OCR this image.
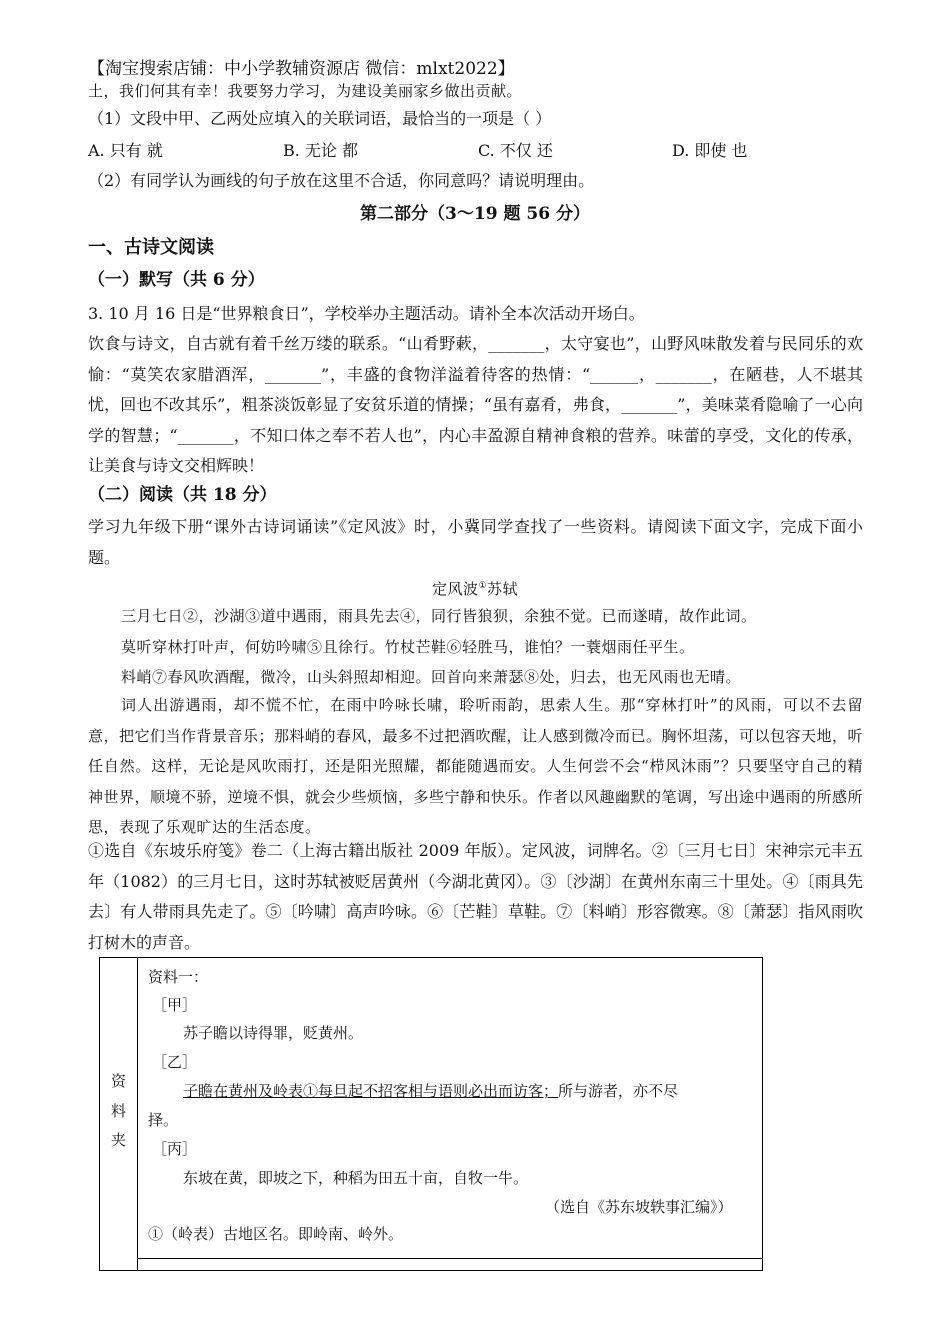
【淘宝搜索店铺：中小学教辅资源店 微信：mlxt2022】
土，我们何其有幸！我要努力学习，为建设美丽家乡做出贡献。
（1）文段中甲、乙两处应填入的关联词语，最恰当的一项是（ ）
A. 只有 就	B. 无论 都	C. 不仅 还	D. 即使 也
（2）有同学认为画线的句子放在这里不合适，你同意吗？请说明理由。
第二部分（3～19 题 56 分）
一、古诗文阅读
（一）默写（共 6 分）
3. 10 月 16 日是“世界粮食日”，学校举办主题活动。请补全本次活动开场白。
饮食与诗文，自古就有着千丝万缕的联系。“山肴野蔌，_______，太守宴也”，山野风味散发着与民同乐的欢愉：“莫笑农家腊酒浑，_______”，丰盛的食物洋溢着待客的热情：“______，_______，在陋巷，人不堪其忧，回也不改其乐”，粗茶淡饭彰显了安贫乐道的情操；“虽有嘉肴，弗食，_______”，美味菜肴隐喻了一心向学的智慧；“_______，不知口体之奉不若人也”，内心丰盈源自精神食粮的营养。味蕾的享受，文化的传承，让美食与诗文交相辉映！
（二）阅读（共 18 分）
学习九年级下册“课外古诗词诵读”《定风波》时，小冀同学查找了一些资料。请阅读下面文字，完成下面小题。
定风波①苏轼
三月七日②，沙湖③道中遇雨，雨具先去④，同行皆狼狈，余独不觉。已而遂晴，故作此词。
莫听穿林打叶声，何妨吟啸⑤且徐行。竹杖芒鞋⑥轻胜马，谁怕？一蓑烟雨任平生。
料峭⑦春风吹酒醒，微冷，山头斜照却相迎。回首向来萧瑟⑧处，归去，也无风雨也无晴。
词人出游遇雨，却不慌不忙，在雨中吟咏长啸，聆听雨韵，思索人生。那“穿林打叶”的风雨，可以不去留意，把它们当作背景音乐；那料峭的春风，最多不过把酒吹醒，让人感到微冷而已。胸怀坦荡，可以包容天地，听任自然。这样，无论是风吹雨打，还是阳光照耀，都能随遇而安。人生何尝不会“栉风沐雨”？只要坚守自己的精神世界，顺境不骄，逆境不惧，就会少些烦恼，多些宁静和快乐。作者以风趣幽默的笔调，写出途中遇雨的所感所思，表现了乐观旷达的生活态度。
①选自《东坡乐府笺》卷二（上海古籍出版社 2009 年版）。定风波，词牌名。②〔三月七日〕宋神宗元丰五年（1082）的三月七日，这时苏轼被贬居黄州（今湖北黄冈）。③〔沙湖〕在黄州东南三十里处。④〔雨具先去〕有人带雨具先走了。⑤〔吟啸〕高声吟咏。⑥〔芒鞋〕草鞋。⑦〔料峭〕形容微寒。⑧〔萧瑟〕指风雨吹打树木的声音。
资
料
夹
资料一：
［甲］
苏子瞻以诗得罪，贬黄州。
［乙］
子瞻在黄州及岭表①每旦起不招客相与语则必出而访客；所与游者，亦不尽
择。
［丙］
东坡在黄，即坡之下，种稻为田五十亩，自牧一牛。
（选自《苏东坡轶事汇编》）
①（岭表）古地区名。即岭南、岭外。
